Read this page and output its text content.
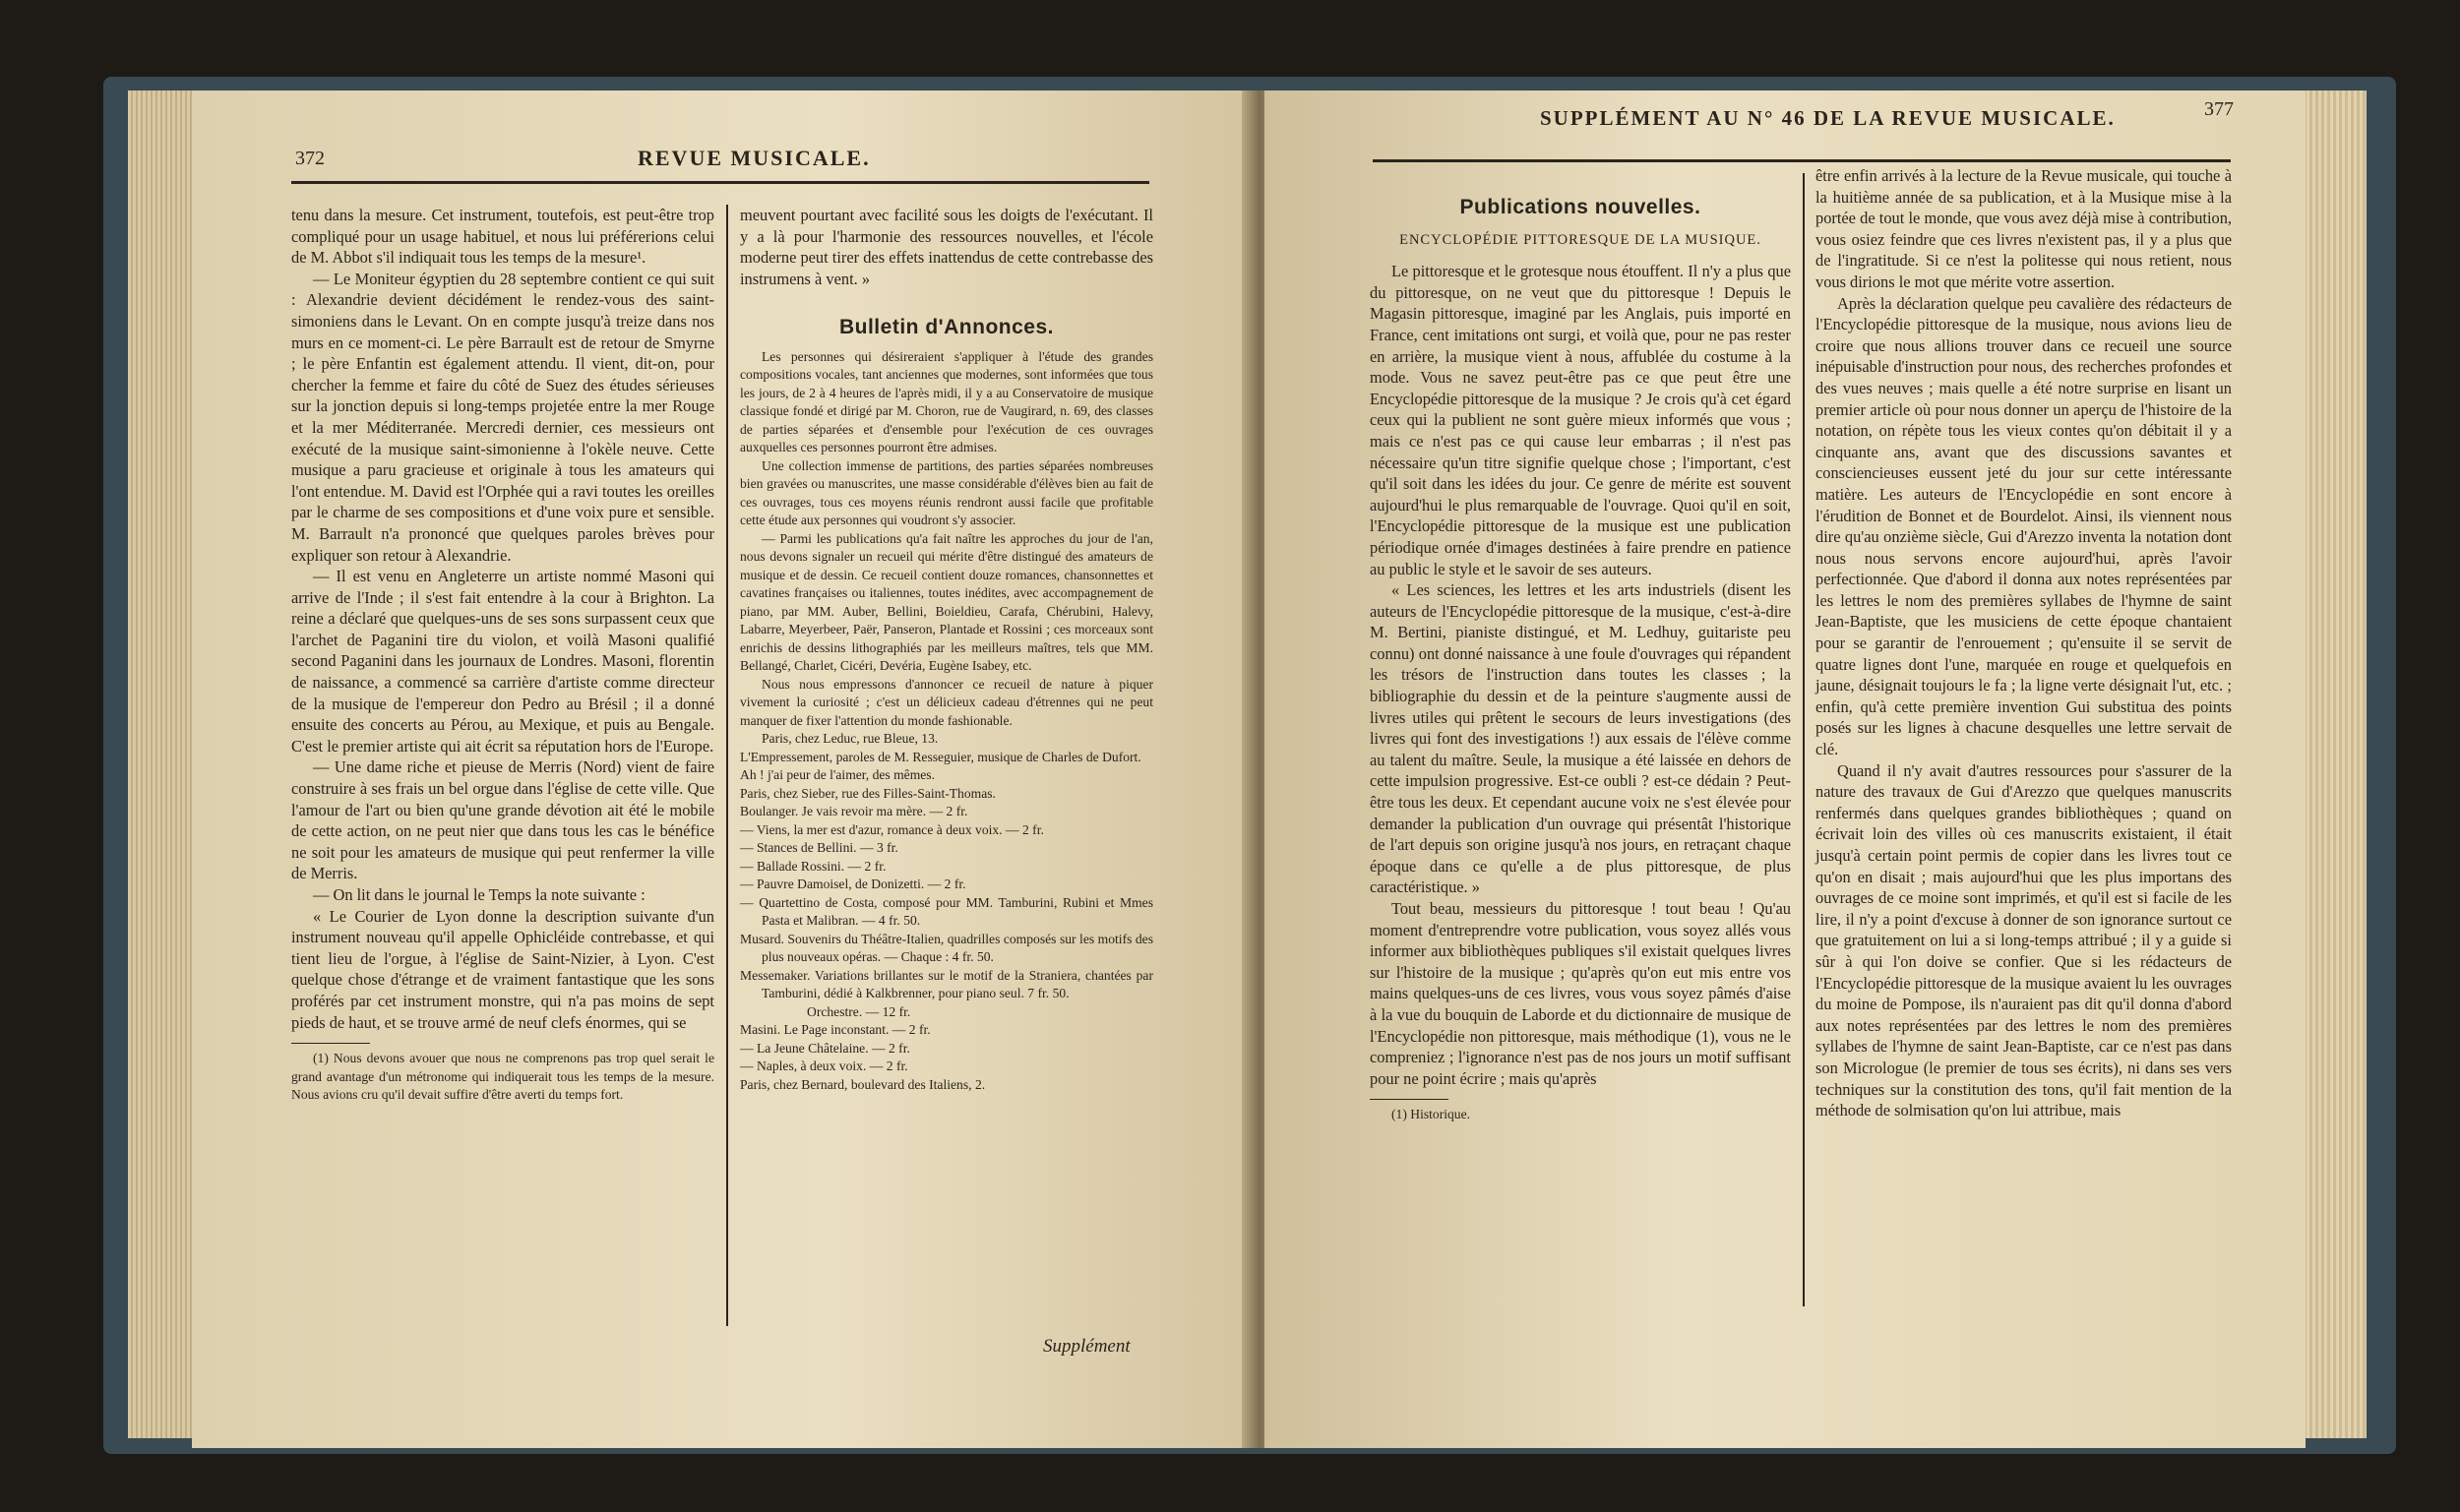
372	REVUE MUSICALE.

tenu dans la mesure. Cet instrument, toutefois, est peut-être trop compliqué pour un usage habituel, et nous lui préférerions celui de M. Abbot s'il indiquait tous les temps de la mesure¹.

— Le Moniteur égyptien du 28 septembre contient ce qui suit : Alexandrie devient décidément le rendez-vous des saint-simoniens dans le Levant. On en compte jusqu'à treize dans nos murs en ce moment-ci. Le père Barrault est de retour de Smyrne ; le père Enfantin est également attendu. Il vient, dit-on, pour chercher la femme et faire du côté de Suez des études sérieuses sur la jonction depuis si long-temps projetée entre la mer Rouge et la mer Méditerranée. Mercredi dernier, ces messieurs ont exécuté de la musique saint-simonienne à l'okèle neuve. Cette musique a paru gracieuse et originale à tous les amateurs qui l'ont entendue. M. David est l'Orphée qui a ravi toutes les oreilles par le charme de ses compositions et d'une voix pure et sensible. M. Barrault n'a prononcé que quelques paroles brèves pour expliquer son retour à Alexandrie.

— Il est venu en Angleterre un artiste nommé Masoni qui arrive de l'Inde ; il s'est fait entendre à la cour à Brighton. La reine a déclaré que quelques-uns de ses sons surpassent ceux que l'archet de Paganini tire du violon, et voilà Masoni qualifié second Paganini dans les journaux de Londres. Masoni, florentin de naissance, a commencé sa carrière d'artiste comme directeur de la musique de l'empereur don Pedro au Brésil ; il a donné ensuite des concerts au Pérou, au Mexique, et puis au Bengale. C'est le premier artiste qui ait écrit sa réputation hors de l'Europe.

— Une dame riche et pieuse de Merris (Nord) vient de faire construire à ses frais un bel orgue dans l'église de cette ville. Que l'amour de l'art ou bien qu'une grande dévotion ait été le mobile de cette action, on ne peut nier que dans tous les cas le bénéfice ne soit pour les amateurs de musique qui peut renfermer la ville de Merris.

— On lit dans le journal le Temps la note suivante :

« Le Courier de Lyon donne la description suivante d'un instrument nouveau qu'il appelle Ophicléide contrebasse, et qui tient lieu de l'orgue, à l'église de Saint-Nizier, à Lyon. C'est quelque chose d'étrange et de vraiment fantastique que les sons proférés par cet instrument monstre, qui n'a pas moins de sept pieds de haut, et se trouve armé de neuf clefs énormes, qui se

(1) Nous devons avouer que nous ne comprenons pas trop quel serait le grand avantage d'un métronome qui indiquerait tous les temps de la mesure. Nous avions cru qu'il devait suffire d'être averti du temps fort.

meuvent pourtant avec facilité sous les doigts de l'exécutant. Il y a là pour l'harmonie des ressources nouvelles, et l'école moderne peut tirer des effets inattendus de cette contrebasse des instrumens à vent. »

Bulletin d'Annonces.

Les personnes qui désireraient s'appliquer à l'étude des grandes compositions vocales, tant anciennes que modernes, sont informées que tous les jours, de 2 à 4 heures de l'après midi, il y a au Conservatoire de musique classique fondé et dirigé par M. Choron, rue de Vaugirard, n. 69, des classes de parties séparées et d'ensemble pour l'exécution de ces ouvrages auxquelles ces personnes pourront être admises.

Une collection immense de partitions, des parties séparées nombreuses bien gravées ou manuscrites, une masse considérable d'élèves bien au fait de ces ouvrages, tous ces moyens réunis rendront aussi facile que profitable cette étude aux personnes qui voudront s'y associer.

— Parmi les publications qu'a fait naître les approches du jour de l'an, nous devons signaler un recueil qui mérite d'être distingué des amateurs de musique et de dessin. Ce recueil contient douze romances, chansonnettes et cavatines françaises ou italiennes, toutes inédites, avec accompagnement de piano, par MM. Auber, Bellini, Boieldieu, Carafa, Chérubini, Halevy, Labarre, Meyerbeer, Paër, Panseron, Plantade et Rossini ; ces morceaux sont enrichis de dessins lithographiés par les meilleurs maîtres, tels que MM. Bellangé, Charlet, Cicéri, Devéria, Eugène Isabey, etc.

Nous nous empressons d'annoncer ce recueil de nature à piquer vivement la curiosité ; c'est un délicieux cadeau d'étrennes qui ne peut manquer de fixer l'attention du monde fashionable.

Paris, chez Leduc, rue Bleue, 13.

L'Empressement, paroles de M. Resseguier, musique de Charles de Dufort.

Ah ! j'ai peur de l'aimer, des mêmes.

Paris, chez Sieber, rue des Filles-Saint-Thomas.

Boulanger. Je vais revoir ma mère. — 2 fr.

— Viens, la mer est d'azur, romance à deux voix. — 2 fr.

— Stances de Bellini. — 3 fr.

— Ballade Rossini. — 2 fr.

— Pauvre Damoisel, de Donizetti. — 2 fr.

— Quartettino de Costa, composé pour MM. Tamburini, Rubini et Mmes Pasta et Malibran. — 4 fr. 50.

Musard. Souvenirs du Théâtre-Italien, quadrilles composés sur les motifs des plus nouveaux opéras. — Chaque : 4 fr. 50.

Messemaker. Variations brillantes sur le motif de la Straniera, chantées par Tamburini, dédié à Kalkbrenner, pour piano seul. 7 fr. 50.

Orchestre. — 12 fr.

Masini. Le Page inconstant. — 2 fr.

— La Jeune Châtelaine. — 2 fr.

— Naples, à deux voix. — 2 fr.

Paris, chez Bernard, boulevard des Italiens, 2.

Supplément
SUPPLÉMENT AU N° 46 DE LA REVUE MUSICALE.	377
Publications nouvelles.
ENCYCLOPÉDIE PITTORESQUE DE LA MUSIQUE.

Le pittoresque et le grotesque nous étouffent. Il n'y a plus que du pittoresque, on ne veut que du pittoresque ! Depuis le Magasin pittoresque, imaginé par les Anglais, puis importé en France, cent imitations ont surgi, et voilà que, pour ne pas rester en arrière, la musique vient à nous, affublée du costume à la mode. Vous ne savez peut-être pas ce que peut être une Encyclopédie pittoresque de la musique ? Je crois qu'à cet égard ceux qui la publient ne sont guère mieux informés que vous ; mais ce n'est pas ce qui cause leur embarras ; il n'est pas nécessaire qu'un titre signifie quelque chose ; l'important, c'est qu'il soit dans les idées du jour. Ce genre de mérite est souvent aujourd'hui le plus remarquable de l'ouvrage. Quoi qu'il en soit, l'Encyclopédie pittoresque de la musique est une publication périodique ornée d'images destinées à faire prendre en patience au public le style et le savoir de ses auteurs.

« Les sciences, les lettres et les arts industriels (disent les auteurs de l'Encyclopédie pittoresque de la musique, c'est-à-dire M. Bertini, pianiste distingué, et M. Ledhuy, guitariste peu connu) ont donné naissance à une foule d'ouvrages qui répandent les trésors de l'instruction dans toutes les classes ; la bibliographie du dessin et de la peinture s'augmente aussi de livres utiles qui prêtent le secours de leurs investigations (des livres qui font des investigations !) aux essais de l'élève comme au talent du maître. Seule, la musique a été laissée en dehors de cette impulsion progressive. Est-ce oubli ? est-ce dédain ? Peut-être tous les deux. Et cependant aucune voix ne s'est élevée pour demander la publication d'un ouvrage qui présentât l'historique de l'art depuis son origine jusqu'à nos jours, en retraçant chaque époque dans ce qu'elle a de plus pittoresque, de plus caractéristique. »

Tout beau, messieurs du pittoresque ! tout beau ! Qu'au moment d'entreprendre votre publication, vous soyez allés vous informer aux bibliothèques publiques s'il existait quelques livres sur l'histoire de la musique ; qu'après qu'on eut mis entre vos mains quelques-uns de ces livres, vous vous soyez pâmés d'aise à la vue du bouquin de Laborde et du dictionnaire de musique de l'Encyclopédie non pittoresque, mais méthodique (1), vous ne le compreniez ; l'ignorance n'est pas de nos jours un motif suffisant pour ne point écrire ; mais qu'après

(1) Historique.

être enfin arrivés à la lecture de la Revue musicale, qui touche à la huitième année de sa publication, et à la Musique mise à la portée de tout le monde, que vous avez déjà mise à contribution, vous osiez feindre que ces livres n'existent pas, il y a plus que de l'ingratitude. Si ce n'est la politesse qui nous retient, nous vous dirions le mot que mérite votre assertion.

Après la déclaration quelque peu cavalière des rédacteurs de l'Encyclopédie pittoresque de la musique, nous avions lieu de croire que nous allions trouver dans ce recueil une source inépuisable d'instruction pour nous, des recherches profondes et des vues neuves ; mais quelle a été notre surprise en lisant un premier article où pour nous donner un aperçu de l'histoire de la notation, on répète tous les vieux contes qu'on débitait il y a cinquante ans, avant que des discussions savantes et consciencieuses eussent jeté du jour sur cette intéressante matière. Les auteurs de l'Encyclopédie en sont encore à l'érudition de Bonnet et de Bourdelot. Ainsi, ils viennent nous dire qu'au onzième siècle, Gui d'Arezzo inventa la notation dont nous nous servons encore aujourd'hui, après l'avoir perfectionnée. Que d'abord il donna aux notes représentées par les lettres le nom des premières syllabes de l'hymne de saint Jean-Baptiste, que les musiciens de cette époque chantaient pour se garantir de l'enrouement ; qu'ensuite il se servit de quatre lignes dont l'une, marquée en rouge et quelquefois en jaune, désignait toujours le fa ; la ligne verte désignait l'ut, etc. ; enfin, qu'à cette première invention Gui substitua des points posés sur les lignes à chacune desquelles une lettre servait de clé.

Quand il n'y avait d'autres ressources pour s'assurer de la nature des travaux de Gui d'Arezzo que quelques manuscrits renfermés dans quelques grandes bibliothèques ; quand on écrivait loin des villes où ces manuscrits existaient, il était jusqu'à certain point permis de copier dans les livres tout ce qu'on en disait ; mais aujourd'hui que les plus importans des ouvrages de ce moine sont imprimés, et qu'il est si facile de les lire, il n'y a point d'excuse à donner de son ignorance surtout ce que gratuitement on lui a si long-temps attribué ; il y a guide si sûr à qui l'on doive se confier. Que si les rédacteurs de l'Encyclopédie pittoresque de la musique avaient lu les ouvrages du moine de Pompose, ils n'auraient pas dit qu'il donna d'abord aux notes représentées par des lettres le nom des premières syllabes de l'hymne de saint Jean-Baptiste, car ce n'est pas dans son Micrologue (le premier de tous ses écrits), ni dans ses vers techniques sur la constitution des tons, qu'il fait mention de la méthode de solmisation qu'on lui attribue, mais
